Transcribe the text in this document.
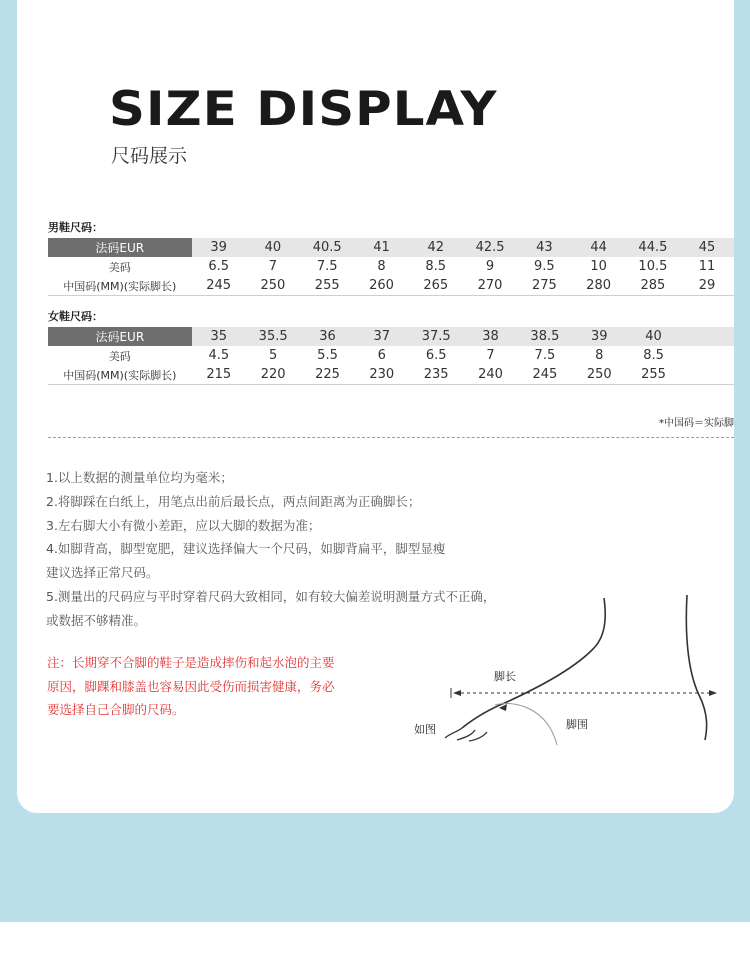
SIZE DISPLAY
尺码展示
男鞋尺码：
法码EUR	39	40	40.5	41	42	42.5	43	44	44.5	45
美码	6.5	7	7.5	8	8.5	9	9.5	10	10.5	11
中国码(MM)(实际脚长)	245	250	255	260	265	270	275	280	285	29
女鞋尺码：
法码EUR	35	35.5	36	37	37.5	38	38.5	39	40	
美码	4.5	5	5.5	6	6.5	7	7.5	8	8.5	
中国码(MM)(实际脚长)	215	220	225	230	235	240	245	250	255	
*中国码＝实际脚
1.以上数据的测量单位均为毫米；
2.将脚踩在白纸上，用笔点出前后最长点，两点间距离为正确脚长；
3.左右脚大小有微小差距，应以大脚的数据为准；
4.如脚背高，脚型宽肥，建议选择偏大一个尺码，如脚背扁平，脚型显瘦
建议选择正常尺码。
5.测量出的尺码应与平时穿着尺码大致相同，如有较大偏差说明测量方式不正确，
或数据不够精准。
注：长期穿不合脚的鞋子是造成摔伤和起水泡的主要
原因，脚踝和膝盖也容易因此受伤而损害健康，务必
要选择自己合脚的尺码。
脚长
脚围
如图
